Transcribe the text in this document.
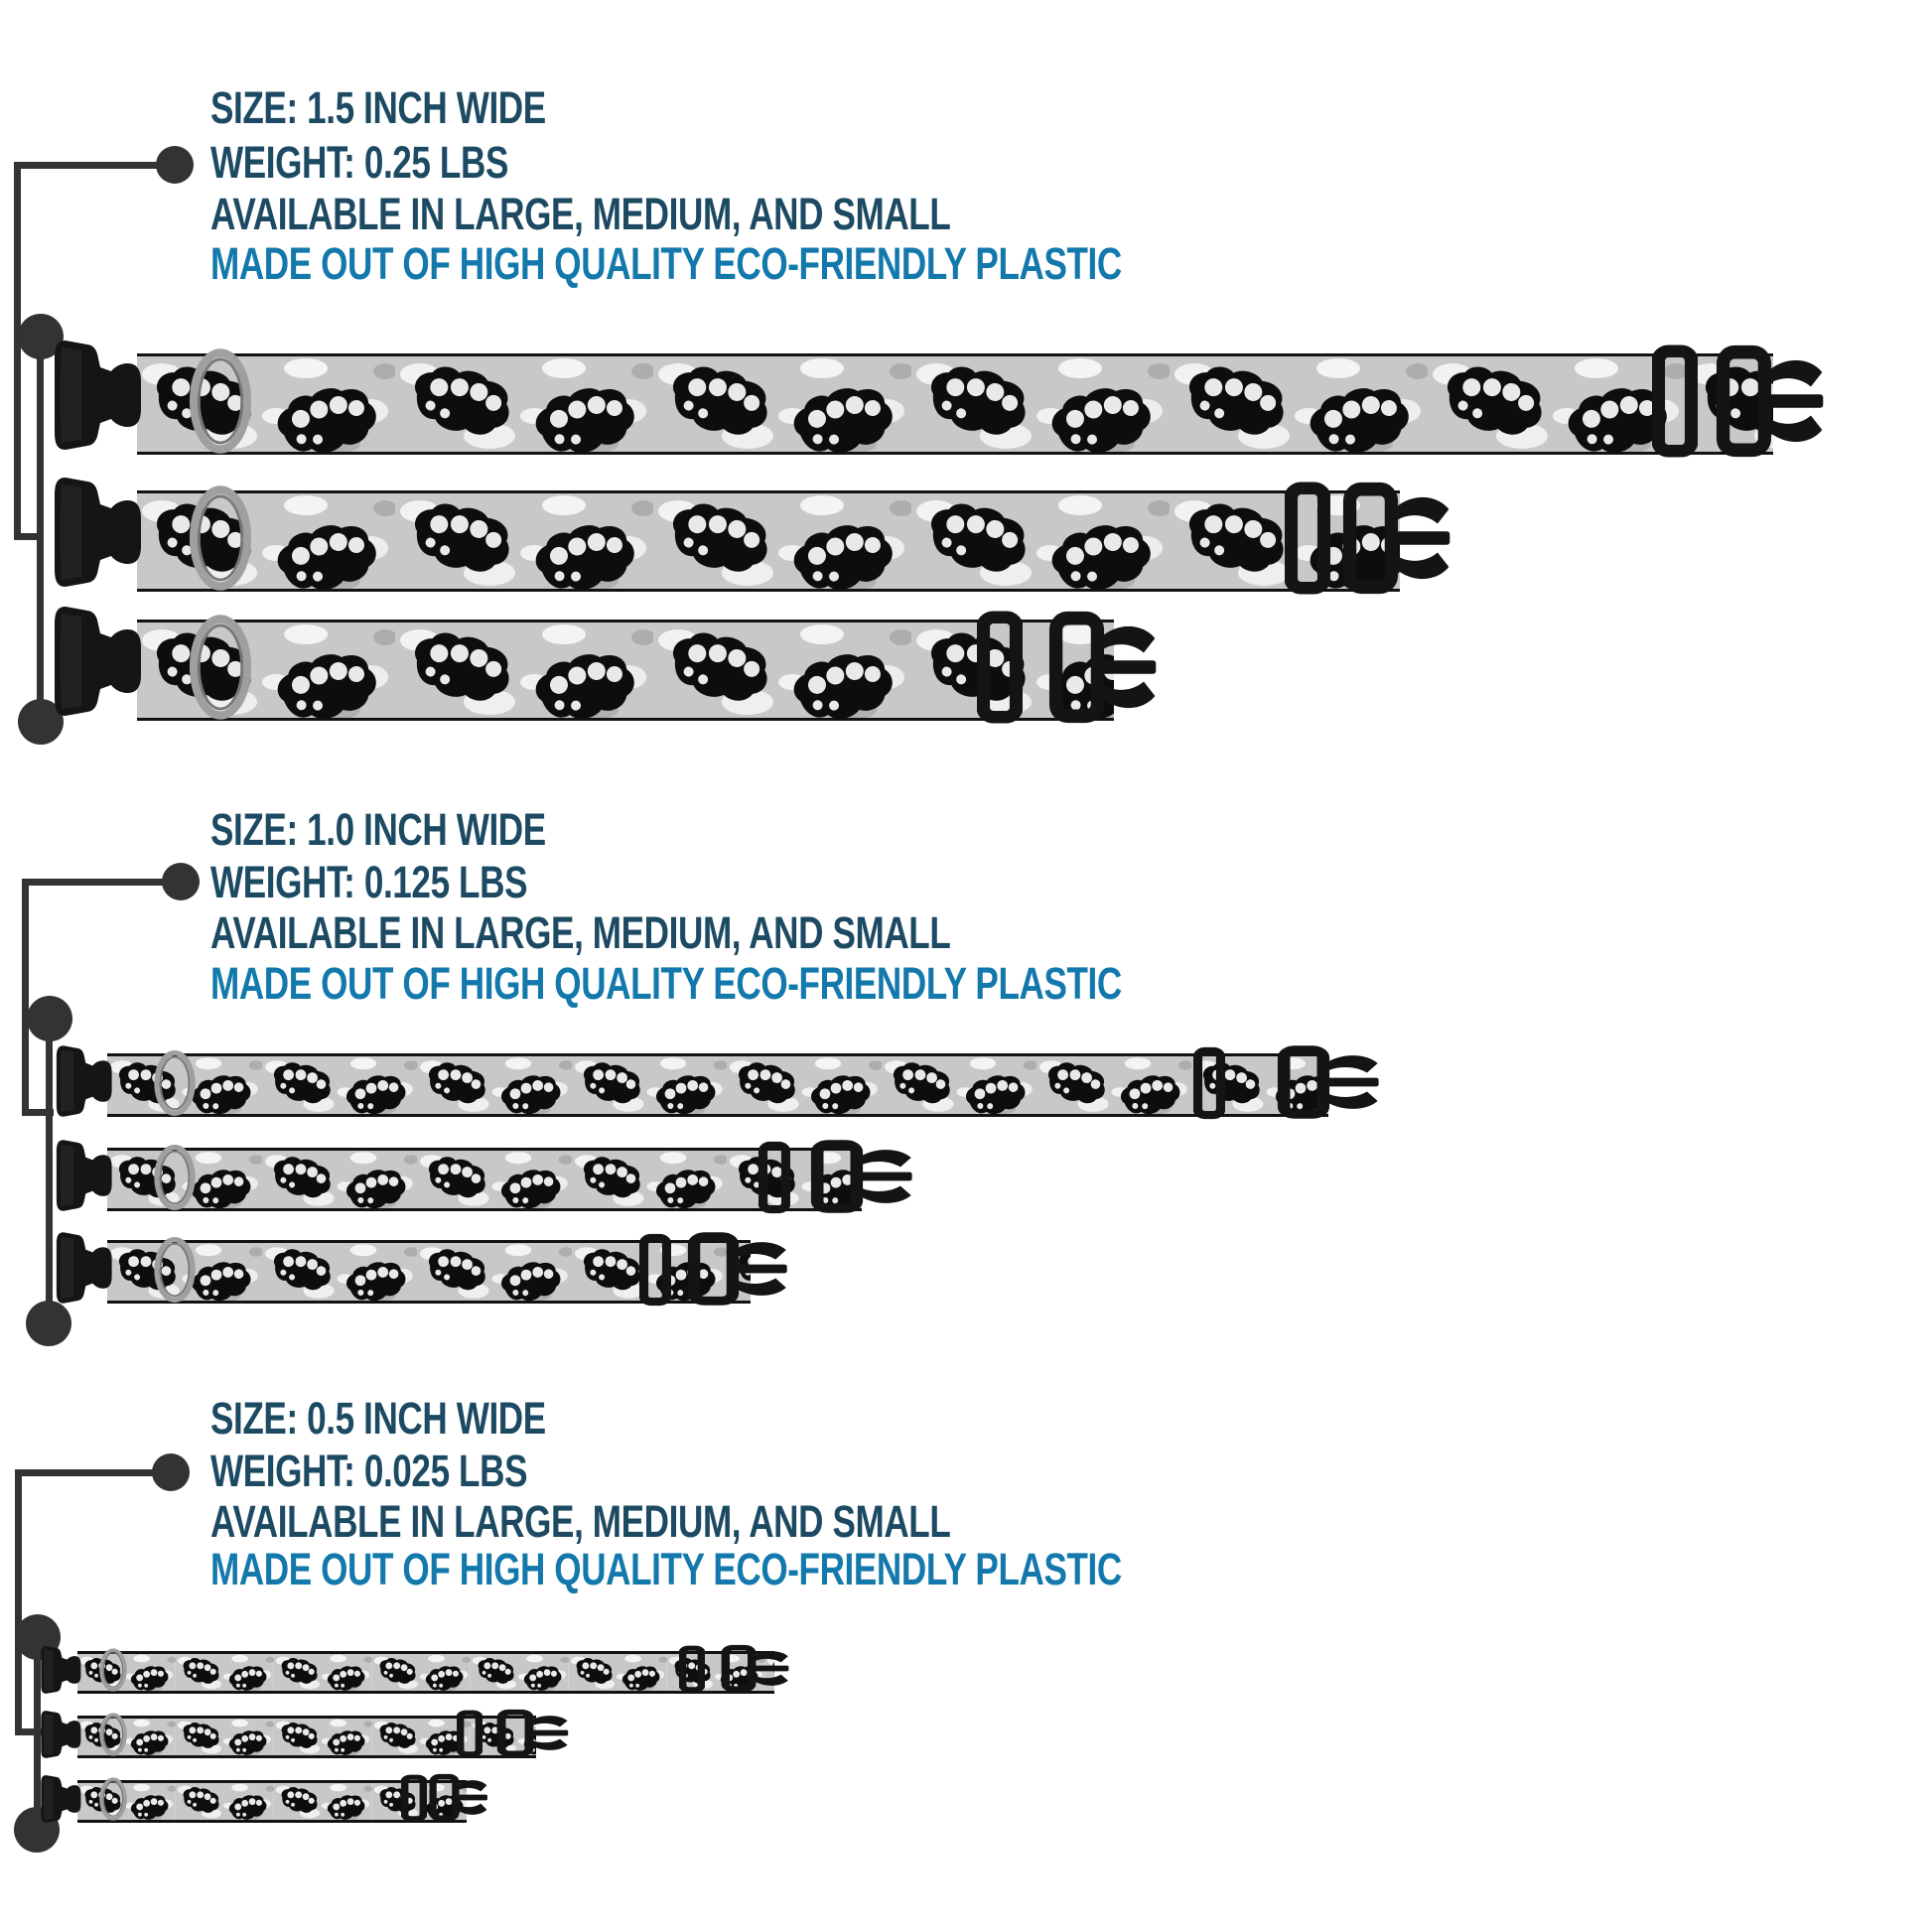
SIZE: 1.5 INCH WIDE
WEIGHT: 0.25 LBS
AVAILABLE IN LARGE, MEDIUM, AND SMALL
MADE OUT OF HIGH QUALITY ECO-FRIENDLY PLASTIC
SIZE: 1.0 INCH WIDE
WEIGHT: 0.125 LBS
AVAILABLE IN LARGE, MEDIUM, AND SMALL
MADE OUT OF HIGH QUALITY ECO-FRIENDLY PLASTIC
SIZE: 0.5 INCH WIDE
WEIGHT: 0.025 LBS
AVAILABLE IN LARGE, MEDIUM, AND SMALL
MADE OUT OF HIGH QUALITY ECO-FRIENDLY PLASTIC
